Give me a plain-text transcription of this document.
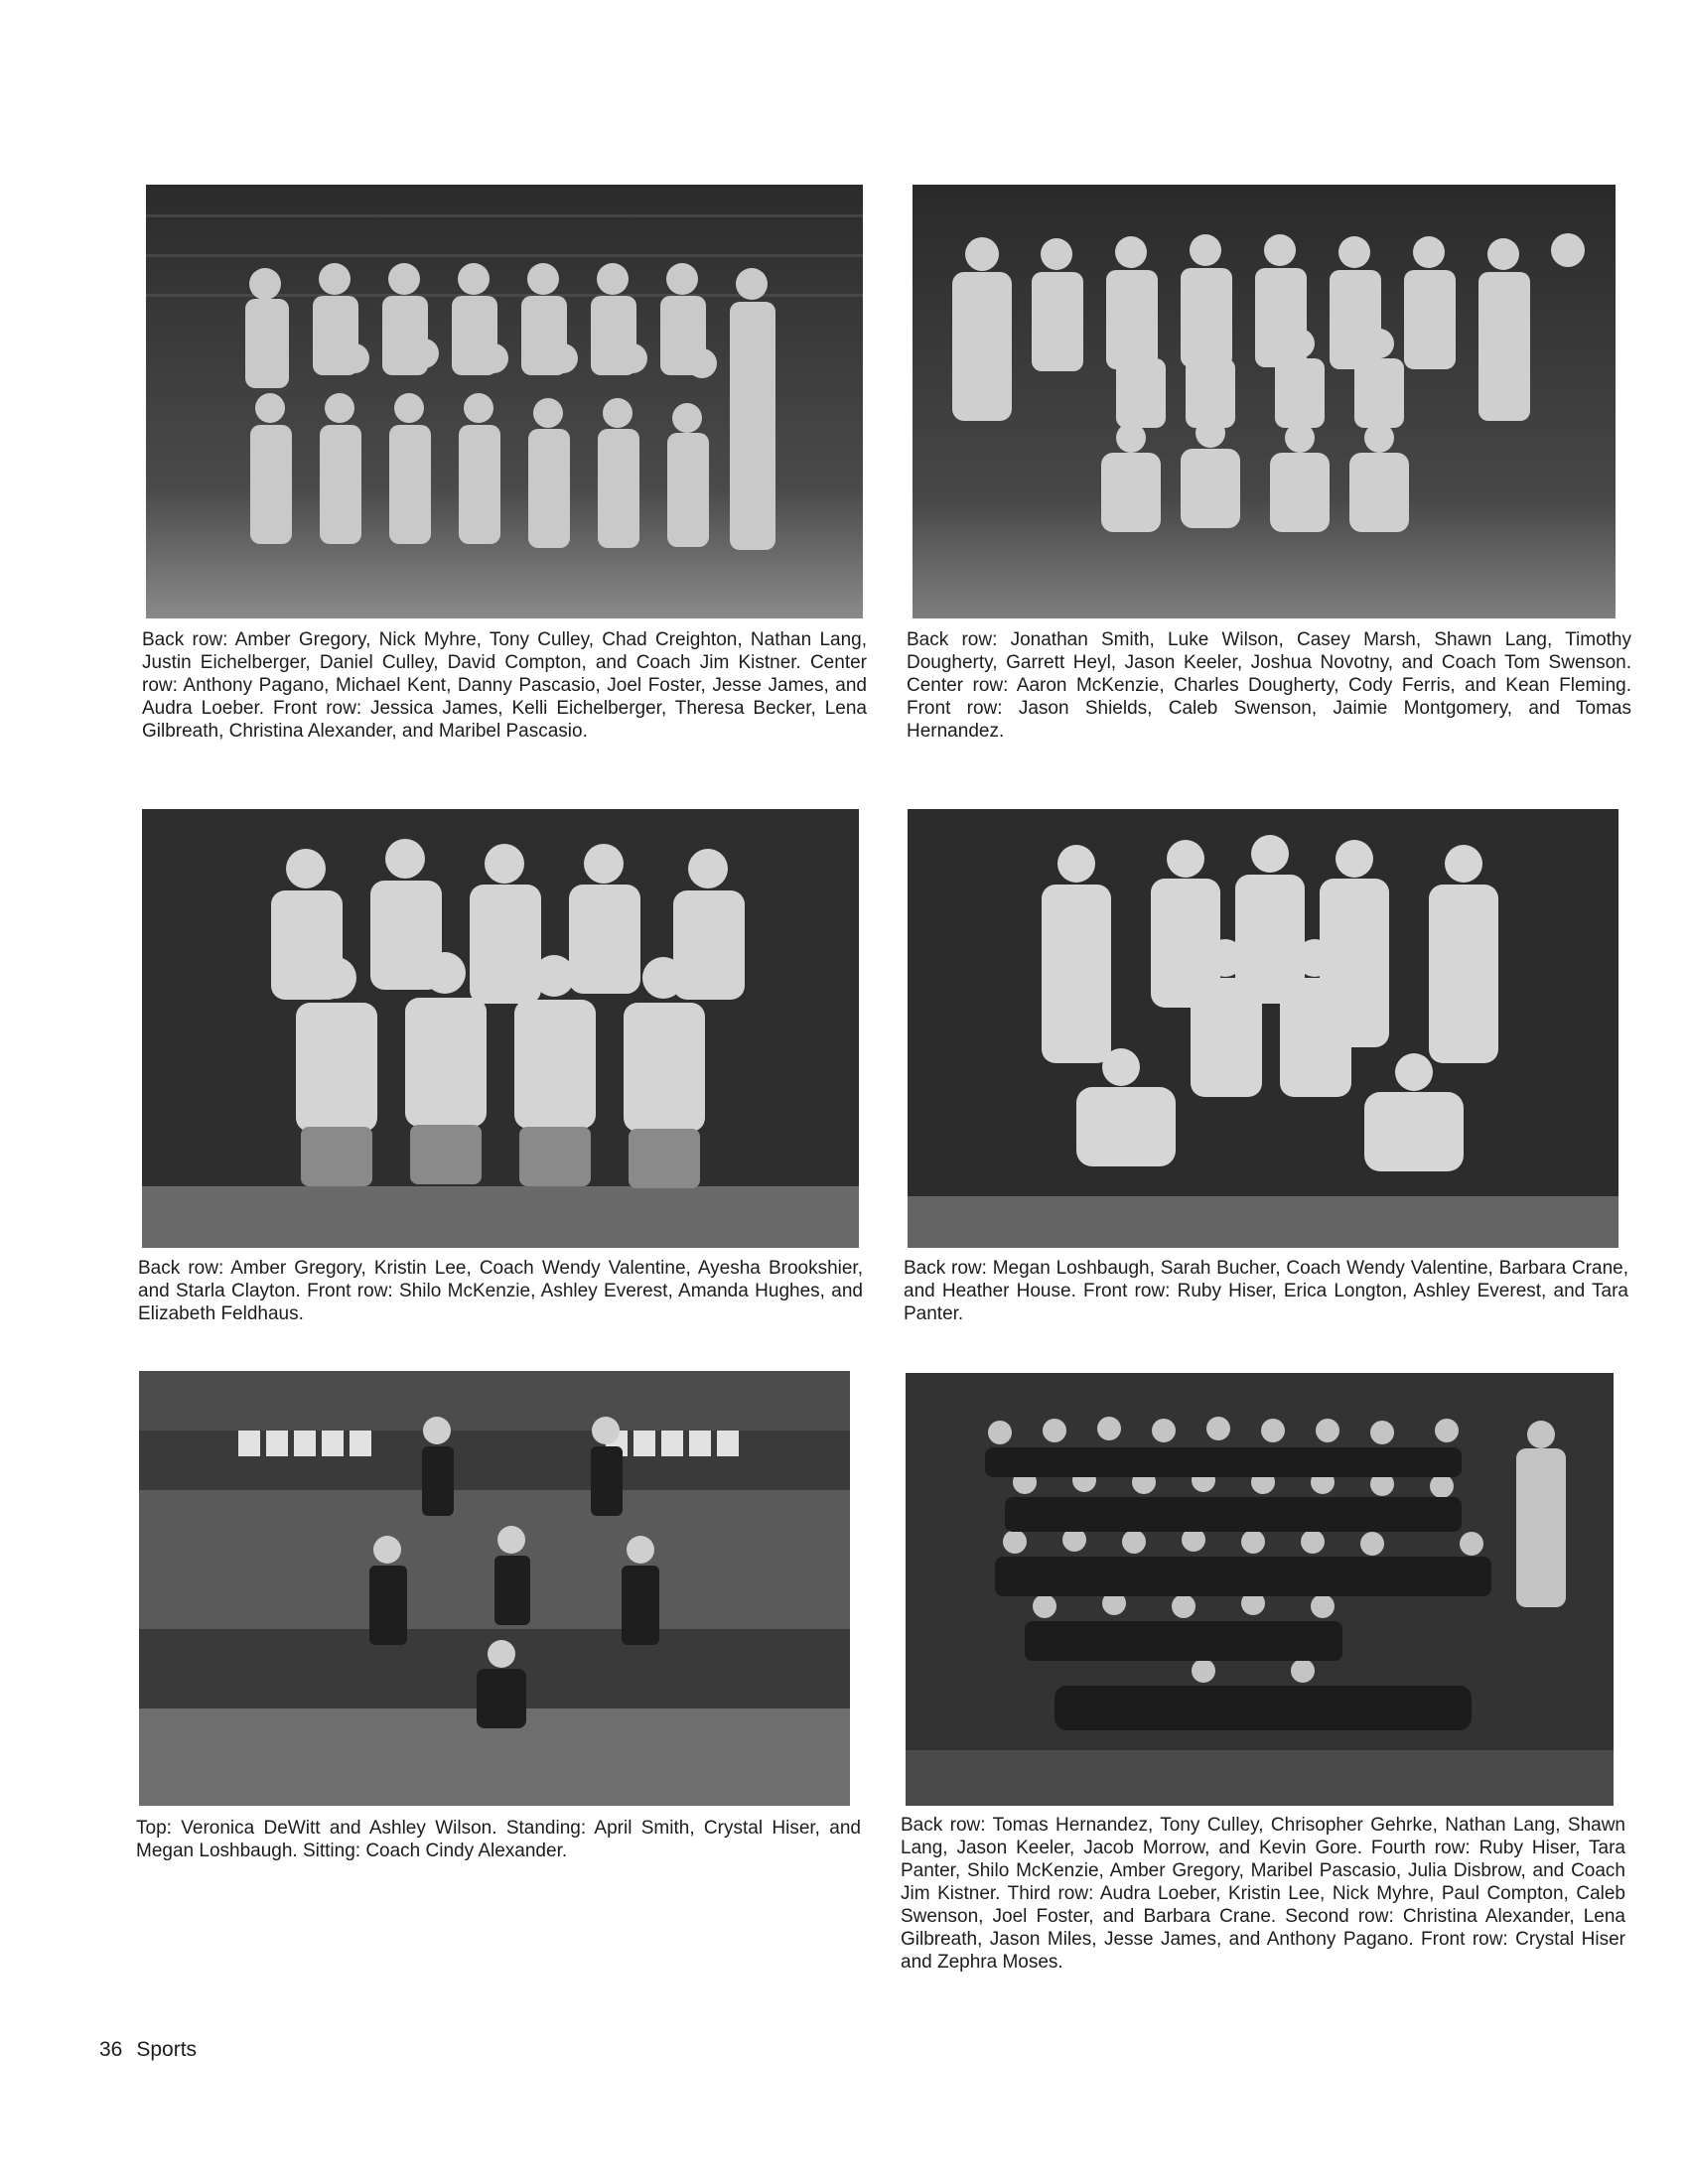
Back row: Amber Gregory, Nick Myhre, Tony Culley, Chad Creighton, Nathan Lang, Justin Eichelberger, Daniel Culley, David Compton, and Coach Jim Kistner. Center row: Anthony Pagano, Michael Kent, Danny Pascasio, Joel Foster, Jesse James, and Audra Loeber. Front row: Jessica James, Kelli Eichelberger, Theresa Becker, Lena Gilbreath, Christina Alexander, and Maribel Pascasio.
Back row: Jonathan Smith, Luke Wilson, Casey Marsh, Shawn Lang, Timothy Dougherty, Garrett Heyl, Jason Keeler, Joshua Novotny, and Coach Tom Swenson. Center row: Aaron McKenzie, Charles Dougherty, Cody Ferris, and Kean Fleming. Front row: Jason Shields, Caleb Swenson, Jaimie Montgomery, and Tomas Hernandez.
Back row: Amber Gregory, Kristin Lee, Coach Wendy Valentine, Ayesha Brookshier, and Starla Clayton. Front row: Shilo McKenzie, Ashley Everest, Amanda Hughes, and Elizabeth Feldhaus.
Back row: Megan Loshbaugh, Sarah Bucher, Coach Wendy Valentine, Barbara Crane, and Heather House. Front row: Ruby Hiser, Erica Longton, Ashley Everest, and Tara Panter.
Top: Veronica DeWitt and Ashley Wilson. Standing: April Smith, Crystal Hiser, and Megan Loshbaugh. Sitting: Coach Cindy Alexander.
Back row: Tomas Hernandez, Tony Culley, Chrisopher Gehrke, Nathan Lang, Shawn Lang, Jason Keeler, Jacob Morrow, and Kevin Gore. Fourth row: Ruby Hiser, Tara Panter, Shilo McKenzie, Amber Gregory, Maribel Pascasio, Julia Disbrow, and Coach Jim Kistner. Third row: Audra Loeber, Kristin Lee, Nick Myhre, Paul Compton, Caleb Swenson, Joel Foster, and Barbara Crane. Second row: Christina Alexander, Lena Gilbreath, Jason Miles, Jesse James, and Anthony Pagano. Front row: Crystal Hiser and Zephra Moses.
36 Sports
